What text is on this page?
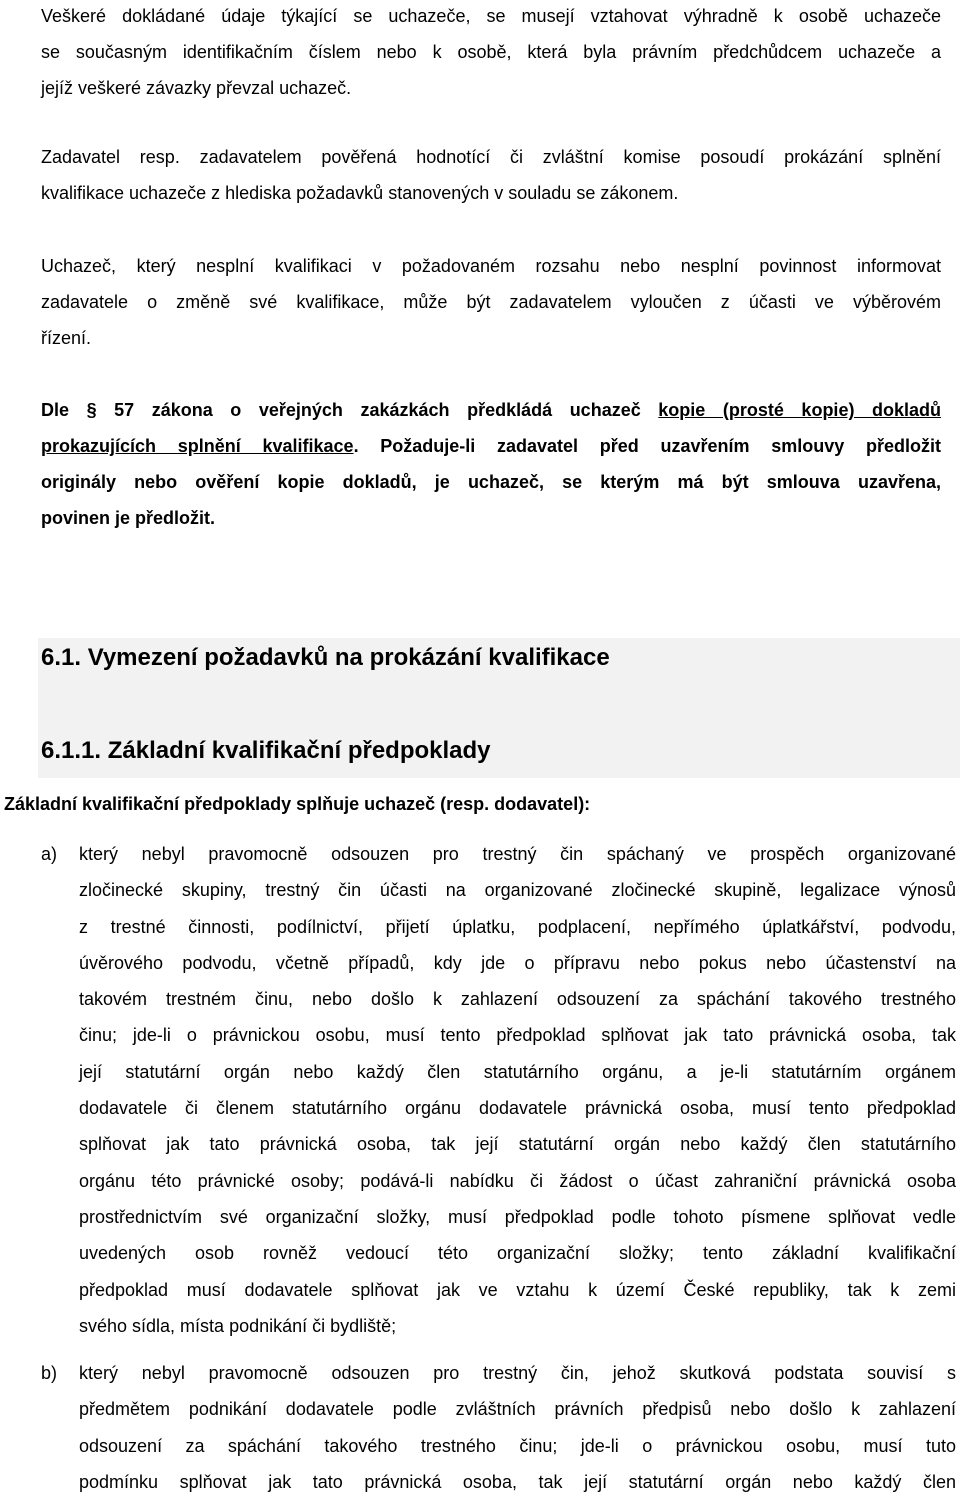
Veškeré dokládané údaje týkající se uchazeče, se musejí vztahovat výhradně k osobě uchazeče
se současným identifikačním číslem nebo k osobě, která byla právním předchůdcem uchazeče a
jejíž veškeré závazky převzal uchazeč.
Zadavatel resp. zadavatelem pověřená hodnotící či zvláštní komise posoudí prokázání splnění
kvalifikace uchazeče z hlediska požadavků stanovených v souladu se zákonem.
Uchazeč, který nesplní kvalifikaci v požadovaném rozsahu nebo nesplní povinnost informovat
zadavatele o změně své kvalifikace, může být zadavatelem vyloučen z účasti ve výběrovém
řízení.
Dle § 57 zákona o veřejných zakázkách předkládá uchazeč kopie (prosté kopie) dokladů
prokazujících splnění kvalifikace. Požaduje-li zadavatel před uzavřením smlouvy předložit
originály nebo ověření kopie dokladů, je uchazeč, se kterým má být smlouva uzavřena,
povinen je předložit.
6.1. Vymezení požadavků na prokázání kvalifikace
6.1.1. Základní kvalifikační předpoklady

Základní kvalifikační předpoklady splňuje uchazeč (resp. dodavatel):

a) který nebyl pravomocně odsouzen pro trestný čin spáchaný ve prospěch organizované
zločinecké skupiny, trestný čin účasti na organizované zločinecké skupině, legalizace výnosů
z trestné činnosti, podílnictví, přijetí úplatku, podplacení, nepřímého úplatkářství, podvodu,
úvěrového podvodu, včetně případů, kdy jde o přípravu nebo pokus nebo účastenství na
takovém trestném činu, nebo došlo k zahlazení odsouzení za spáchání takového trestného
činu; jde-li o právnickou osobu, musí tento předpoklad splňovat jak tato právnická osoba, tak
její statutární orgán nebo každý člen statutárního orgánu, a je-li statutárním orgánem
dodavatele či členem statutárního orgánu dodavatele právnická osoba, musí tento předpoklad
splňovat jak tato právnická osoba, tak její statutární orgán nebo každý člen statutárního
orgánu této právnické osoby; podává-li nabídku či žádost o účast zahraniční právnická osoba
prostřednictvím své organizační složky, musí předpoklad podle tohoto písmene splňovat vedle
uvedených osob rovněž vedoucí této organizační složky; tento základní kvalifikační
předpoklad musí dodavatele splňovat jak ve vztahu k území České republiky, tak k zemi
svého sídla, místa podnikání či bydliště;
b) který nebyl pravomocně odsouzen pro trestný čin, jehož skutková podstata souvisí s
předmětem podnikání dodavatele podle zvláštních právních předpisů nebo došlo k zahlazení
odsouzení za spáchání takového trestného činu; jde-li o právnickou osobu, musí tuto
podmínku splňovat jak tato právnická osoba, tak její statutární orgán nebo každý člen
